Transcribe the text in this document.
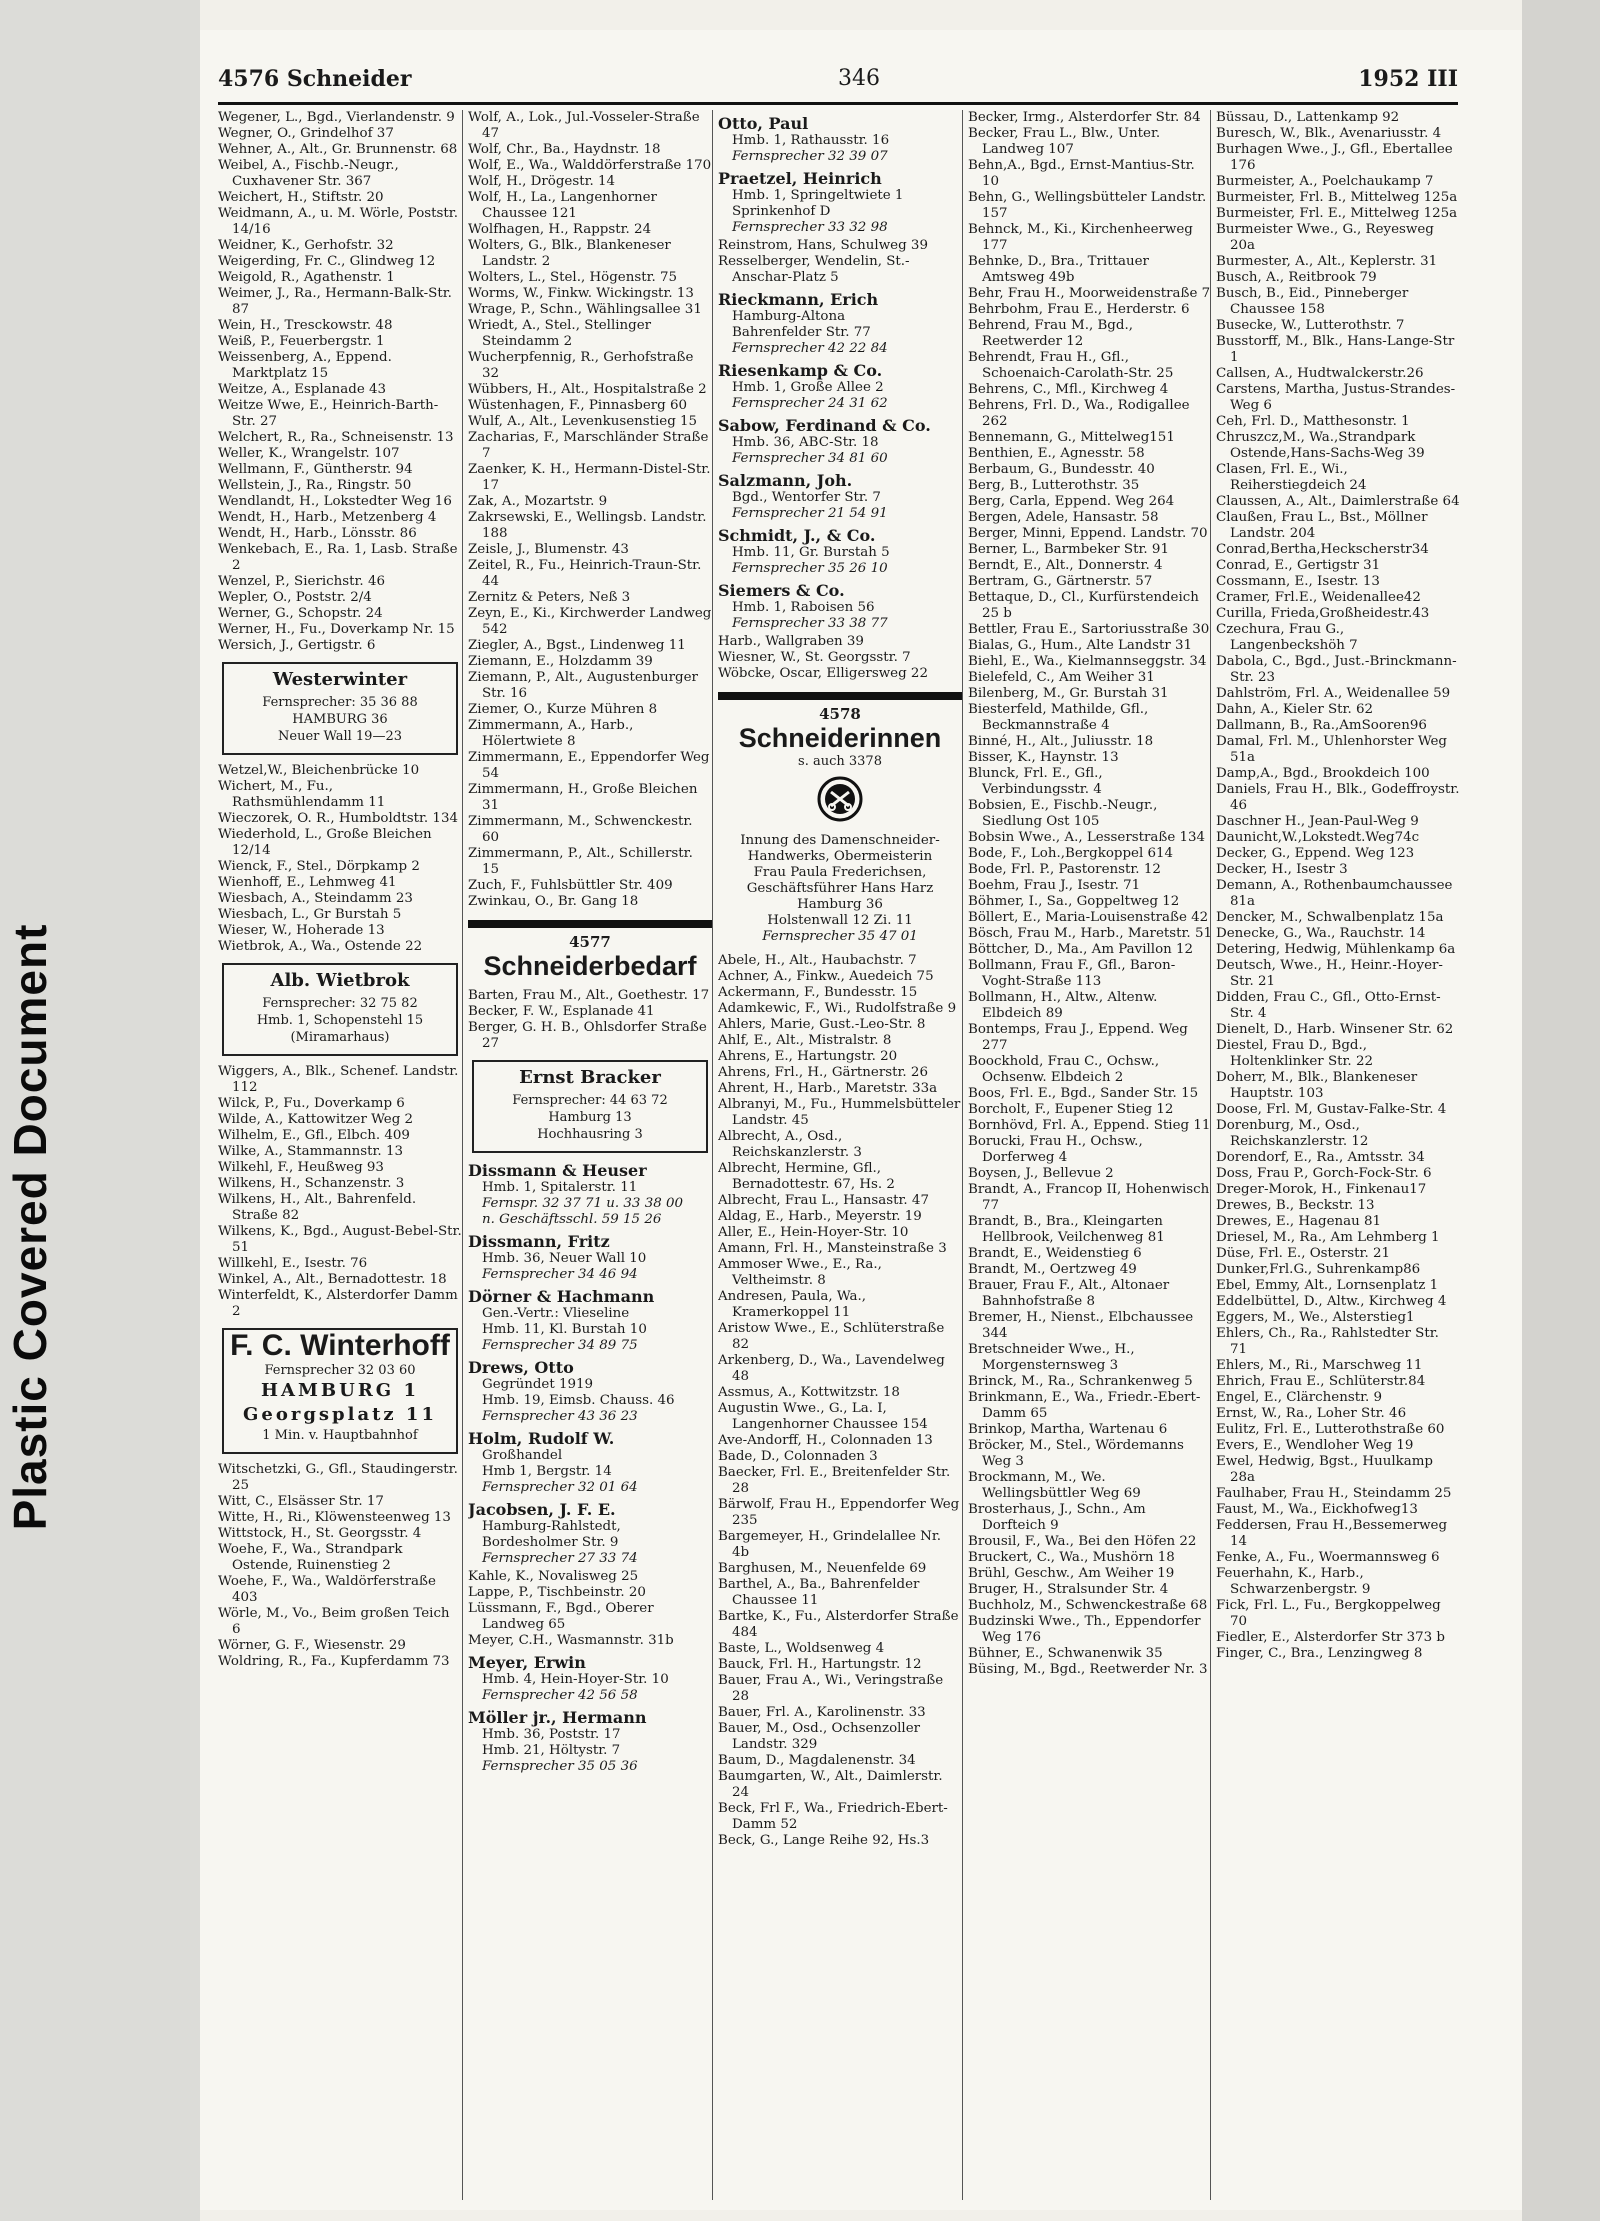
Plastic Covered Document
4576 Schneider	346	1952 III
Wegener, L., Bgd., Vierlandenstr. 9
Wegner, O., Grindelhof 37
Wehner, A., Alt., Gr. Brunnenstr. 68
Weibel, A., Fischb.-Neugr., Cuxhavener Str. 367
Weichert, H., Stiftstr. 20
Weidmann, A., u. M. Wörle, Poststr. 14/16
Weidner, K., Gerhofstr. 32
Weigerding, Fr. C., Glindweg 12
Weigold, R., Agathenstr. 1
Weimer, J., Ra., Hermann-Balk-Str. 87
Wein, H., Tresckowstr. 48
Weiß, P., Feuerbergstr. 1
Weissenberg, A., Eppend. Marktplatz 15
Weitze, A., Esplanade 43
Weitze Wwe, E., Heinrich-Barth-Str. 27
Welchert, R., Ra., Schneisenstr. 13
Weller, K., Wrangelstr. 107
Wellmann, F., Güntherstr. 94
Wellstein, J., Ra., Ringstr. 50
Wendlandt, H., Lokstedter Weg 16
Wendt, H., Harb., Metzenberg 4
Wendt, H., Harb., Lönsstr. 86
Wenkebach, E., Ra. 1, Lasb. Straße 2
Wenzel, P., Sierichstr. 46
Wepler, O., Poststr. 2/4
Werner, G., Schopstr. 24
Werner, H., Fu., Doverkamp Nr. 15
Wersich, J., Gertigstr. 6
Westerwinter
Fernsprecher: 35 36 88
HAMBURG 36
Neuer Wall 19—23
Wetzel,W., Bleichenbrücke 10
Wichert, M., Fu., Rathsmühlendamm 11
Wieczorek, O. R., Humboldtstr. 134
Wiederhold, L., Große Bleichen 12/14
Wienck, F., Stel., Dörpkamp 2
Wienhoff, E., Lehmweg 41
Wiesbach, A., Steindamm 23
Wiesbach, L., Gr Burstah 5
Wieser, W., Hoherade 13
Wietbrok, A., Wa., Ostende 22
Alb. Wietbrok
Fernsprecher: 32 75 82
Hmb. 1, Schopenstehl 15
(Miramarhaus)
Wiggers, A., Blk., Schenef. Landstr. 112
Wilck, P., Fu., Doverkamp 6
Wilde, A., Kattowitzer Weg 2
Wilhelm, E., Gfl., Elbch. 409
Wilke, A., Stammannstr. 13
Wilkehl, F., Heußweg 93
Wilkens, H., Schanzenstr. 3
Wilkens, H., Alt., Bahrenfeld. Straße 82
Wilkens, K., Bgd., August-Bebel-Str. 51
Willkehl, E., Isestr. 76
Winkel, A., Alt., Bernadottestr. 18
Winterfeldt, K., Alsterdorfer Damm 2
F. C. Winterhoff
Fernsprecher 32 03 60
HAMBURG 1
Georgsplatz 11
1 Min. v. Hauptbahnhof
Witschetzki, G., Gfl., Staudingerstr. 25
Witt, C., Elsässer Str. 17
Witte, H., Ri., Klöwensteenweg 13
Wittstock, H., St. Georgsstr. 4
Woehe, F., Wa., Strandpark Ostende, Ruinenstieg 2
Woehe, F., Wa., Waldörferstraße 403
Wörle, M., Vo., Beim großen Teich 6
Wörner, G. F., Wiesenstr. 29
Woldring, R., Fa., Kupferdamm 73
Wolf, A., Lok., Jul.-Vosseler-Straße 47
Wolf, Chr., Ba., Haydnstr. 18
Wolf, E., Wa., Walddörferstraße 170
Wolf, H., Drögestr. 14
Wolf, H., La., Langenhorner Chaussee 121
Wolfhagen, H., Rappstr. 24
Wolters, G., Blk., Blankeneser Landstr. 2
Wolters, L., Stel., Högenstr. 75
Worms, W., Finkw. Wickingstr. 13
Wrage, P., Schn., Wählingsallee 31
Wriedt, A., Stel., Stellinger Steindamm 2
Wucherpfennig, R., Gerhofstraße 32
Wübbers, H., Alt., Hospitalstraße 2
Wüstenhagen, F., Pinnasberg 60
Wulf, A., Alt., Levenkusenstieg 15
Zacharias, F., Marschländer Straße 7
Zaenker, K. H., Hermann-Distel-Str. 17
Zak, A., Mozartstr. 9
Zakrsewski, E., Wellingsb. Landstr. 188
Zeisle, J., Blumenstr. 43
Zeitel, R., Fu., Heinrich-Traun-Str. 44
Zernitz & Peters, Neß 3
Zeyn, E., Ki., Kirchwerder Landweg 542
Ziegler, A., Bgst., Lindenweg 11
Ziemann, E., Holzdamm 39
Ziemann, P., Alt., Augustenburger Str. 16
Ziemer, O., Kurze Mühren 8
Zimmermann, A., Harb., Hölertwiete 8
Zimmermann, E., Eppendorfer Weg 54
Zimmermann, H., Große Bleichen 31
Zimmermann, M., Schwenckestr. 60
Zimmermann, P., Alt., Schillerstr. 15
Zuch, F., Fuhlsbüttler Str. 409
Zwinkau, O., Br. Gang 18
4577
Schneiderbedarf
Barten, Frau M., Alt., Goethestr. 17
Becker, F. W., Esplanade 41
Berger, G. H. B., Ohlsdorfer Straße 27
Ernst Bracker
Fernsprecher: 44 63 72
Hamburg 13
Hochhausring 3
Dissmann & Heuser
Hmb. 1, Spitalerstr. 11
Fernspr. 32 37 71 u. 33 38 00
n. Geschäftsschl. 59 15 26
Dissmann, Fritz
Hmb. 36, Neuer Wall 10
Fernsprecher 34 46 94
Dörner & Hachmann
Gen.-Vertr.: Vlieseline
Hmb. 11, Kl. Burstah 10
Fernsprecher 34 89 75
Drews, Otto
Gegründet 1919
Hmb. 19, Eimsb. Chauss. 46
Fernsprecher 43 36 23
Holm, Rudolf W.
Großhandel
Hmb 1, Bergstr. 14
Fernsprecher 32 01 64
Jacobsen, J. F. E.
Hamburg-Rahlstedt,
Bordesholmer Str. 9
Fernsprecher 27 33 74
Kahle, K., Novalisweg 25
Lappe, P., Tischbeinstr. 20
Lüssmann, F., Bgd., Oberer Landweg 65
Meyer, C.H., Wasmannstr. 31b
Meyer, Erwin
Hmb. 4, Hein-Hoyer-Str. 10
Fernsprecher 42 56 58
Möller jr., Hermann
Hmb. 36, Poststr. 17
Hmb. 21, Höltystr. 7
Fernsprecher 35 05 36
Otto, Paul
Hmb. 1, Rathausstr. 16
Fernsprecher 32 39 07
Praetzel, Heinrich
Hmb. 1, Springeltwiete 1
Sprinkenhof D
Fernsprecher 33 32 98
Reinstrom, Hans, Schulweg 39
Resselberger, Wendelin, St.-Anschar-Platz 5
Rieckmann, Erich
Hamburg-Altona
Bahrenfelder Str. 77
Fernsprecher 42 22 84
Riesenkamp & Co.
Hmb. 1, Große Allee 2
Fernsprecher 24 31 62
Sabow, Ferdinand & Co.
Hmb. 36, ABC-Str. 18
Fernsprecher 34 81 60
Salzmann, Joh.
Bgd., Wentorfer Str. 7
Fernsprecher 21 54 91
Schmidt, J., & Co.
Hmb. 11, Gr. Burstah 5
Fernsprecher 35 26 10
Siemers & Co.
Hmb. 1, Raboisen 56
Fernsprecher 33 38 77
Harb., Wallgraben 39
Wiesner, W., St. Georgsstr. 7
Wöbcke, Oscar, Elligersweg 22
4578
Schneiderinnen
s. auch 3378
Innung des Damenschneider-
Handwerks, Obermeisterin
Frau Paula Frederichsen,
Geschäftsführer Hans Harz
Hamburg 36
Holstenwall 12 Zi. 11
Fernsprecher 35 47 01
Abele, H., Alt., Haubachstr. 7
Achner, A., Finkw., Auedeich 75
Ackermann, F., Bundesstr. 15
Adamkewic, F., Wi., Rudolfstraße 9
Ahlers, Marie, Gust.-Leo-Str. 8
Ahlf, E., Alt., Mistralstr. 8
Ahrens, E., Hartungstr. 20
Ahrens, Frl., H., Gärtnerstr. 26
Ahrent, H., Harb., Maretstr. 33a
Albranyi, M., Fu., Hummelsbütteler Landstr. 45
Albrecht, A., Osd., Reichskanzlerstr. 3
Albrecht, Hermine, Gfl., Bernadottestr. 67, Hs. 2
Albrecht, Frau L., Hansastr. 47
Aldag, E., Harb., Meyerstr. 19
Aller, E., Hein-Hoyer-Str. 10
Amann, Frl. H., Mansteinstraße 3
Ammoser Wwe., E., Ra., Veltheimstr. 8
Andresen, Paula, Wa., Kramerkoppel 11
Aristow Wwe., E., Schlüterstraße 82
Arkenberg, D., Wa., Lavendelweg 48
Assmus, A., Kottwitzstr. 18
Augustin Wwe., G., La. I, Langenhorner Chaussee 154
Ave-Andorff, H., Colonnaden 13
Bade, D., Colonnaden 3
Baecker, Frl. E., Breitenfelder Str. 28
Bärwolf, Frau H., Eppendorfer Weg 235
Bargemeyer, H., Grindelallee Nr. 4b
Barghusen, M., Neuenfelde 69
Barthel, A., Ba., Bahrenfelder Chaussee 11
Bartke, K., Fu., Alsterdorfer Straße 484
Baste, L., Woldsenweg 4
Bauck, Frl. H., Hartungstr. 12
Bauer, Frau A., Wi., Veringstraße 28
Bauer, Frl. A., Karolinenstr. 33
Bauer, M., Osd., Ochsenzoller Landstr. 329
Baum, D., Magdalenenstr. 34
Baumgarten, W., Alt., Daimlerstr. 24
Beck, Frl F., Wa., Friedrich-Ebert-Damm 52
Beck, G., Lange Reihe 92, Hs.3
Becker, Irmg., Alsterdorfer Str. 84
Becker, Frau L., Blw., Unter. Landweg 107
Behn,A., Bgd., Ernst-Mantius-Str. 10
Behn, G., Wellingsbütteler Landstr. 157
Behnck, M., Ki., Kirchenheerweg 177
Behnke, D., Bra., Trittauer Amtsweg 49b
Behr, Frau H., Moorweidenstraße 7
Behrbohm, Frau E., Herderstr. 6
Behrend, Frau M., Bgd., Reetwerder 12
Behrendt, Frau H., Gfl., Schoenaich-Carolath-Str. 25
Behrens, C., Mfl., Kirchweg 4
Behrens, Frl. D., Wa., Rodigallee 262
Bennemann, G., Mittelweg151
Benthien, E., Agnesstr. 58
Berbaum, G., Bundesstr. 40
Berg, B., Lutterothstr. 35
Berg, Carla, Eppend. Weg 264
Bergen, Adele, Hansastr. 58
Berger, Minni, Eppend. Landstr. 70
Berner, L., Barmbeker Str. 91
Berndt, E., Alt., Donnerstr. 4
Bertram, G., Gärtnerstr. 57
Bettaque, D., Cl., Kurfürstendeich 25 b
Bettler, Frau E., Sartoriusstraße 30
Bialas, G., Hum., Alte Landstr 31
Biehl, E., Wa., Kielmannseggstr. 34
Bielefeld, C., Am Weiher 31
Bilenberg, M., Gr. Burstah 31
Biesterfeld, Mathilde, Gfl., Beckmannstraße 4
Binné, H., Alt., Juliusstr. 18
Bisser, K., Haynstr. 13
Blunck, Frl. E., Gfl., Verbindungsstr. 4
Bobsien, E., Fischb.-Neugr., Siedlung Ost 105
Bobsin Wwe., A., Lesserstraße 134
Bode, F., Loh.,Bergkoppel 614
Bode, Frl. P., Pastorenstr. 12
Boehm, Frau J., Isestr. 71
Böhmer, I., Sa., Goppeltweg 12
Böllert, E., Maria-Louisenstraße 42
Bösch, Frau M., Harb., Maretstr. 51
Böttcher, D., Ma., Am Pavillon 12
Bollmann, Frau F., Gfl., Baron-Voght-Straße 113
Bollmann, H., Altw., Altenw. Elbdeich 89
Bontemps, Frau J., Eppend. Weg 277
Boockhold, Frau C., Ochsw., Ochsenw. Elbdeich 2
Boos, Frl. E., Bgd., Sander Str. 15
Borcholt, F., Eupener Stieg 12
Bornhövd, Frl. A., Eppend. Stieg 11
Borucki, Frau H., Ochsw., Dorferweg 4
Boysen, J., Bellevue 2
Brandt, A., Francop II, Hohenwisch 77
Brandt, B., Bra., Kleingarten Hellbrook, Veilchenweg 81
Brandt, E., Weidenstieg 6
Brandt, M., Oertzweg 49
Brauer, Frau F., Alt., Altonaer Bahnhofstraße 8
Bremer, H., Nienst., Elbchaussee 344
Bretschneider Wwe., H., Morgensternsweg 3
Brinck, M., Ra., Schrankenweg 5
Brinkmann, E., Wa., Friedr.-Ebert-Damm 65
Brinkop, Martha, Wartenau 6
Bröcker, M., Stel., Wördemanns Weg 3
Brockmann, M., We. Wellingsbüttler Weg 69
Brosterhaus, J., Schn., Am Dorfteich 9
Brousil, F., Wa., Bei den Höfen 22
Bruckert, C., Wa., Mushörn 18
Brühl, Geschw., Am Weiher 19
Bruger, H., Stralsunder Str. 4
Buchholz, M., Schwenckestraße 68
Budzinski Wwe., Th., Eppendorfer Weg 176
Bühner, E., Schwanenwik 35
Büsing, M., Bgd., Reetwerder Nr. 3
Büssau, D., Lattenkamp 92
Buresch, W., Blk., Avenariusstr. 4
Burhagen Wwe., J., Gfl., Ebertallee 176
Burmeister, A., Poelchaukamp 7
Burmeister, Frl. B., Mittelweg 125a
Burmeister, Frl. E., Mittelweg 125a
Burmeister Wwe., G., Reyesweg 20a
Burmester, A., Alt., Keplerstr. 31
Busch, A., Reitbrook 79
Busch, B., Eid., Pinneberger Chaussee 158
Busecke, W., Lutterothstr. 7
Busstorff, M., Blk., Hans-Lange-Str 1
Callsen, A., Hudtwalckerstr.26
Carstens, Martha, Justus-Strandes-Weg 6
Ceh, Frl. D., Matthesonstr. 1
Chruszcz,M., Wa.,Strandpark Ostende,Hans-Sachs-Weg 39
Clasen, Frl. E., Wi., Reiherstiegdeich 24
Claussen, A., Alt., Daimlerstraße 64
Claußen, Frau L., Bst., Möllner Landstr. 204
Conrad,Bertha,Heckscherstr34
Conrad, E., Gertigstr 31
Cossmann, E., Isestr. 13
Cramer, Frl.E., Weidenallee42
Curilla, Frieda,Großheidestr.43
Czechura, Frau G., Langenbeckshöh 7
Dabola, C., Bgd., Just.-Brinckmann-Str. 23
Dahlström, Frl. A., Weidenallee 59
Dahn, A., Kieler Str. 62
Dallmann, B., Ra.,AmSooren96
Damal, Frl. M., Uhlenhorster Weg 51a
Damp,A., Bgd., Brookdeich 100
Daniels, Frau H., Blk., Godeffroystr. 46
Daschner H., Jean-Paul-Weg 9
Daunicht,W.,Lokstedt.Weg74c
Decker, G., Eppend. Weg 123
Decker, H., Isestr 3
Demann, A., Rothenbaumchaussee 81a
Dencker, M., Schwalbenplatz 15a
Denecke, G., Wa., Rauchstr. 14
Detering, Hedwig, Mühlenkamp 6a
Deutsch, Wwe., H., Heinr.-Hoyer-Str. 21
Didden, Frau C., Gfl., Otto-Ernst-Str. 4
Dienelt, D., Harb. Winsener Str. 62
Diestel, Frau D., Bgd., Holtenklinker Str. 22
Doherr, M., Blk., Blankeneser Hauptstr. 103
Doose, Frl. M, Gustav-Falke-Str. 4
Dorenburg, M., Osd., Reichskanzlerstr. 12
Dorendorf, E., Ra., Amtsstr. 34
Doss, Frau P., Gorch-Fock-Str. 6
Dreger-Morok, H., Finkenau17
Drewes, B., Beckstr. 13
Drewes, E., Hagenau 81
Driesel, M., Ra., Am Lehmberg 1
Düse, Frl. E., Osterstr. 21
Dunker,Frl.G., Suhrenkamp86
Ebel, Emmy, Alt., Lornsenplatz 1
Eddelbüttel, D., Altw., Kirchweg 4
Eggers, M., We., Alsterstieg1
Ehlers, Ch., Ra., Rahlstedter Str. 71
Ehlers, M., Ri., Marschweg 11
Ehrich, Frau E., Schlüterstr.84
Engel, E., Clärchenstr. 9
Ernst, W., Ra., Loher Str. 46
Eulitz, Frl. E., Lutterothstraße 60
Evers, E., Wendloher Weg 19
Ewel, Hedwig, Bgst., Huulkamp 28a
Faulhaber, Frau H., Steindamm 25
Faust, M., Wa., Eickhofweg13
Feddersen, Frau H.,Bessemerweg 14
Fenke, A., Fu., Woermannsweg 6
Feuerhahn, K., Harb., Schwarzenbergstr. 9
Fick, Frl. L., Fu., Bergkoppelweg 70
Fiedler, E., Alsterdorfer Str 373 b
Finger, C., Bra., Lenzingweg 8
